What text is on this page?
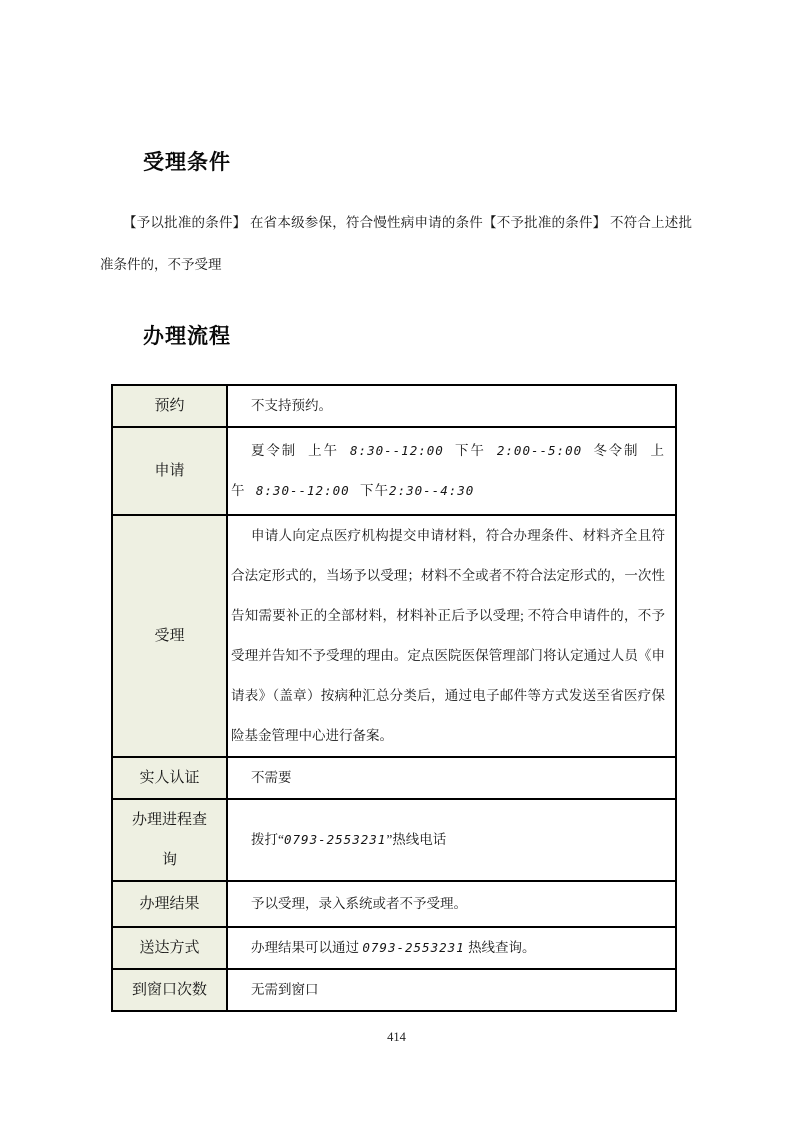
受理条件

【予以批准的条件】 在省本级参保，符合慢性病申请的条件【不予批准的条件】 不符合上述批准条件的，不予受理

办理流程
预约	不支持预约。
申请	夏令制 上午 8:30--12:00 下午 2:00--5:00 冬令制 上午 8:30--12:00 下午2:30--4:30
受理	申请人向定点医疗机构提交申请材料，符合办理条件、材料齐全且符合法定形式的，当场予以受理；材料不全或者不符合法定形式的，一次性告知需要补正的全部材料，材料补正后予以受理; 不符合申请件的，不予受理并告知不予受理的理由。定点医院医保管理部门将认定通过人员《申请表》（盖章）按病种汇总分类后，通过电子邮件等方式发送至省医疗保险基金管理中心进行备案。
实人认证	不需要
办理进程查询	拨打“0793-2553231”热线电话
办理结果	予以受理，录入系统或者不予受理。
送达方式	办理结果可以通过 0793-2553231 热线查询。
到窗口次数	无需到窗口
414
